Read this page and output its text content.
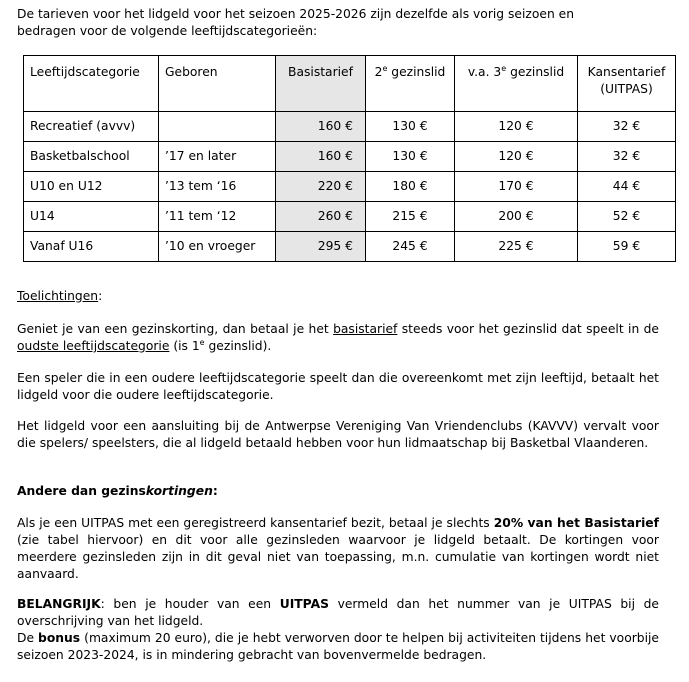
De tarieven voor het lidgeld voor het seizoen 2025-2026 zijn dezelfde als vorig seizoen en
bedragen voor de volgende leeftijdscategorieën:

Leeftijdscategorie	Geboren	Basistarief	2e gezinslid	v.a. 3e gezinslid	Kansentarief
(UITPAS)
Recreatief (avvv)		160 €	130 €	120 €	32 €
Basketbalschool	’17 en later	160 €	130 €	120 €	32 €
U10 en U12	’13 tem ‘16	220 €	180 €	170 €	44 €
U14	’11 tem ‘12	260 €	215 €	200 €	52 €
Vanaf U16	’10 en vroeger	295 €	245 €	225 €	59 €

Toelichtingen:

Geniet je van een gezinskorting, dan betaal je het basistarief steeds voor het gezinslid dat speelt in de oudste leeftijdscategorie (is 1e gezinslid).

Een speler die in een oudere leeftijdscategorie speelt dan die overeenkomt met zijn leeftijd, betaalt het lidgeld voor die oudere leeftijdscategorie.

Het lidgeld voor een aansluiting bij de Antwerpse Vereniging Van Vriendenclubs (KAVVV) vervalt voor die spelers/ speelsters, die al lidgeld betaald hebben voor hun lidmaatschap bij Basketbal Vlaanderen.

Andere dan gezinskortingen:

Als je een UITPAS met een geregistreerd kansentarief bezit, betaal je slechts 20% van het Basistarief (zie tabel hiervoor) en dit voor alle gezinsleden waarvoor je lidgeld betaalt. De kortingen voor meerdere gezinsleden zijn in dit geval niet van toepassing, m.n. cumulatie van kortingen wordt niet aanvaard.

BELANGRIJK: ben je houder van een UITPAS vermeld dan het nummer van je UITPAS bij de overschrijving van het lidgeld.
De bonus (maximum 20 euro), die je hebt verworven door te helpen bij activiteiten tijdens het voorbije seizoen 2023-2024, is in mindering gebracht van bovenvermelde bedragen.
